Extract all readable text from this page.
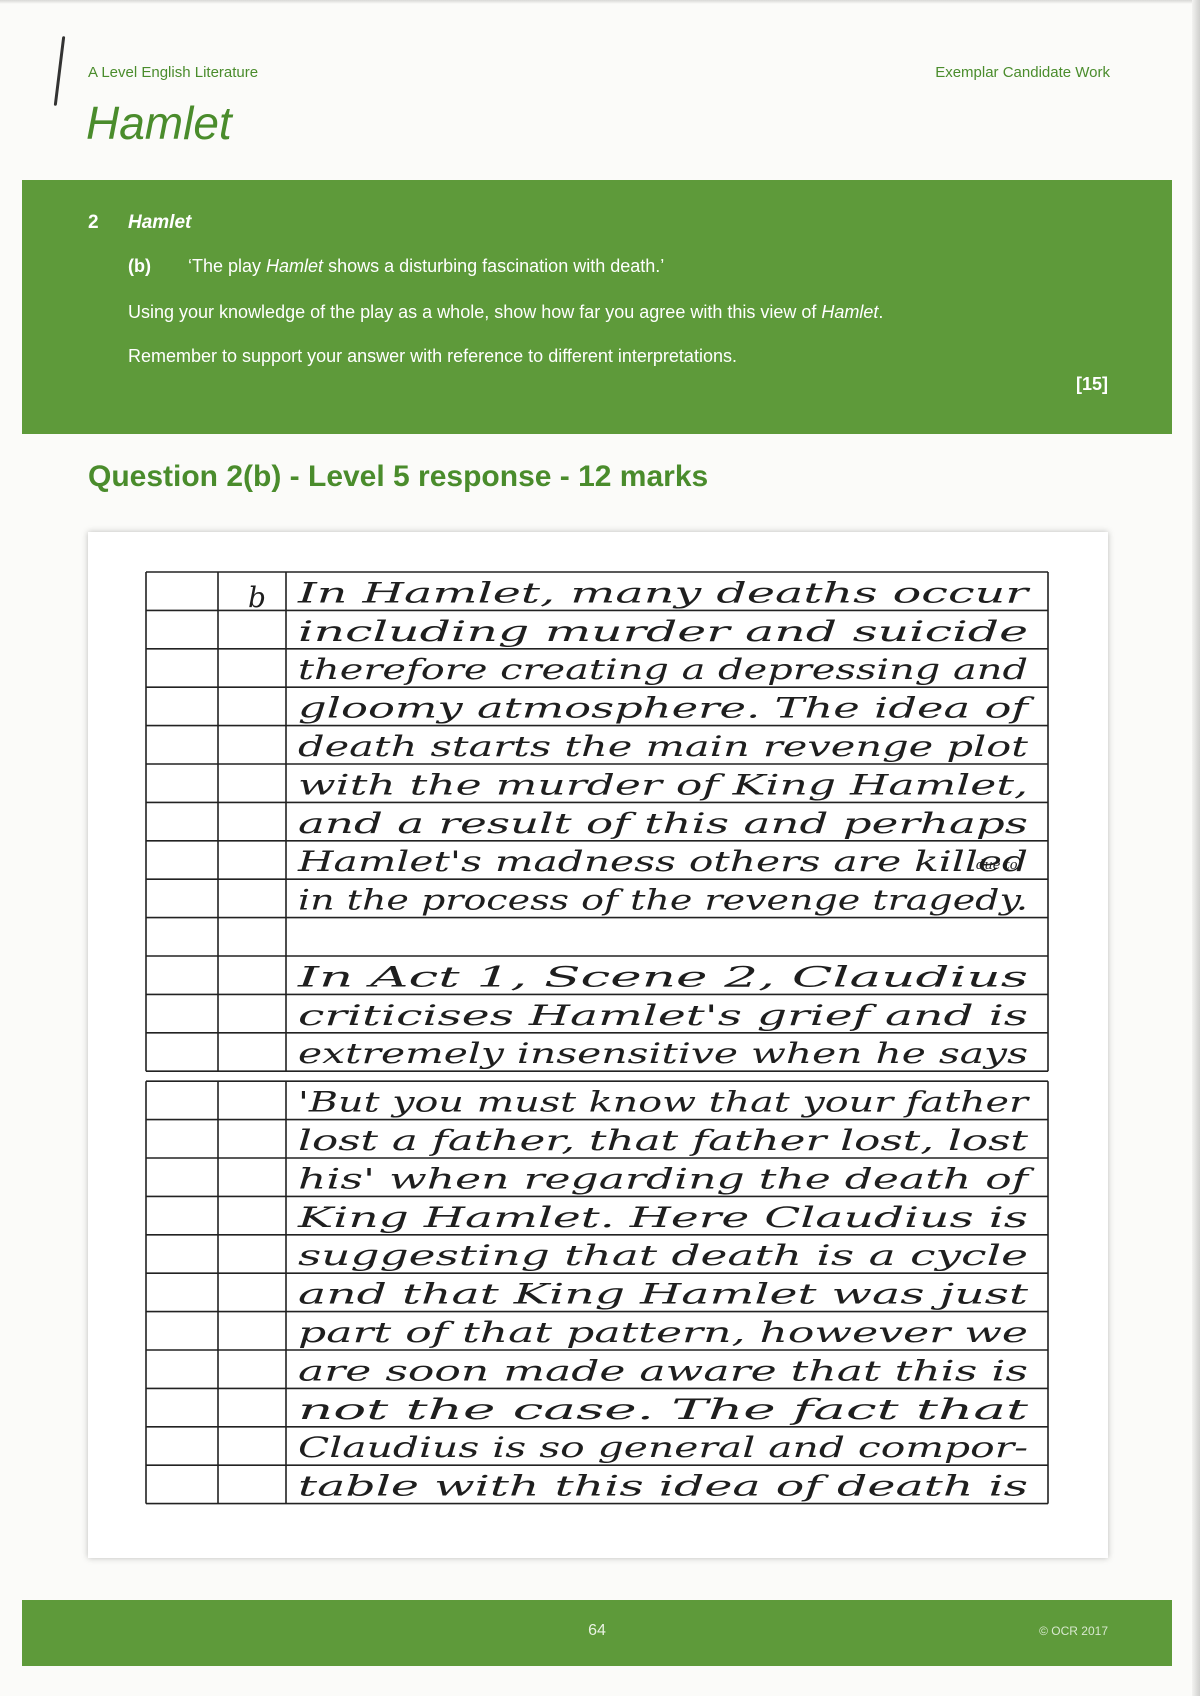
A Level English Literature	Exemplar Candidate Work
Hamlet
2 Hamlet
(b) ‘The play Hamlet shows a disturbing fascination with death.’
Using your knowledge of the play as a whole, show how far you agree with this view of Hamlet.
Remember to support your answer with reference to different interpretations.
[15]
Question 2(b) - Level 5 response - 12 marks
b
due to
In Hamlet, many deaths occur
including murder and suicide
therefore creating a depressing and
gloomy atmosphere. The idea of
death starts the main revenge plot
with the murder of King Hamlet,
and a result of this and perhaps
Hamlet's madness others are killed
in the process of the revenge tragedy.
In Act 1, Scene 2, Claudius
criticises Hamlet's grief and is
extremely insensitive when he says
'But you must know that your father
lost a father, that father lost, lost
his' when regarding the death of
King Hamlet. Here Claudius is
suggesting that death is a cycle
and that King Hamlet was just
part of that pattern, however we
are soon made aware that this is
not the case. The fact that
Claudius is so general and compor-
table with this idea of death is
64	© OCR 2017
